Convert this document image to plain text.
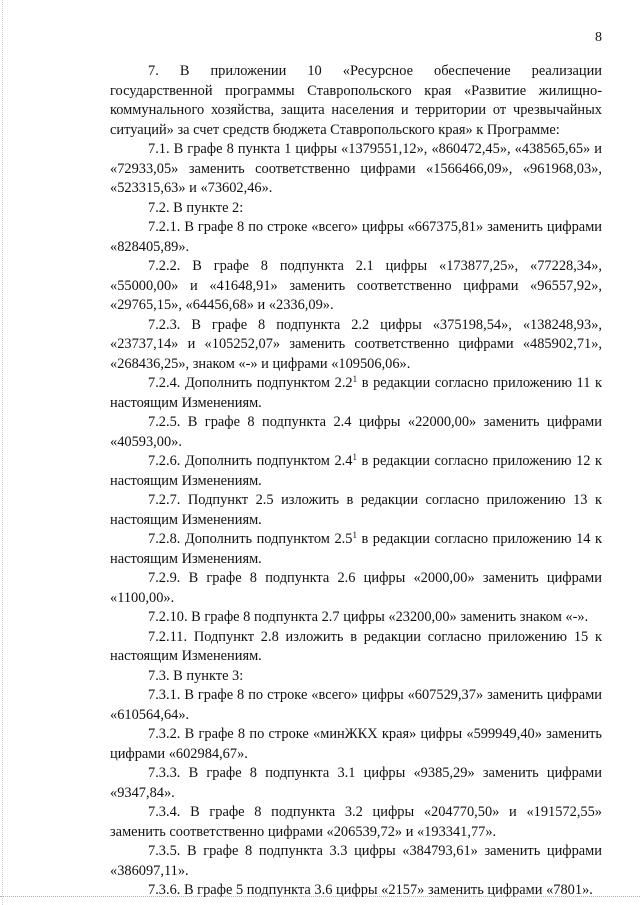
8

7. В приложении 10 «Ресурсное обеспечение реализации государственной программы Ставропольского края «Развитие жилищно-коммунального хозяйства, защита населения и территории от чрезвычайных ситуаций» за счет средств бюджета Ставропольского края» к Программе:

7.1. В графе 8 пункта 1 цифры «1379551,12», «860472,45», «438565,65» и «72933,05» заменить соответственно цифрами «1566466,09», «961968,03», «523315,63» и «73602,46».

7.2. В пункте 2:

7.2.1. В графе 8 по строке «всего» цифры «667375,81» заменить цифрами «828405,89».

7.2.2. В графе 8 подпункта 2.1 цифры «173877,25», «77228,34», «55000,00» и «41648,91» заменить соответственно цифрами «96557,92», «29765,15», «64456,68» и «2336,09».

7.2.3. В графе 8 подпункта 2.2 цифры «375198,54», «138248,93», «23737,14» и «105252,07» заменить соответственно цифрами «485902,71», «268436,25», знаком «-» и цифрами «109506,06».

7.2.4. Дополнить подпунктом $2.2^1$ в редакции согласно приложению 11 к настоящим Изменениям.

7.2.5. В графе 8 подпункта 2.4 цифры «22000,00» заменить цифрами «40593,00».

7.2.6. Дополнить подпунктом $2.4^1$ в редакции согласно приложению 12 к настоящим Изменениям.

7.2.7. Подпункт 2.5 изложить в редакции согласно приложению 13 к настоящим Изменениям.

7.2.8. Дополнить подпунктом $2.5^1$ в редакции согласно приложению 14 к настоящим Изменениям.

7.2.9. В графе 8 подпункта 2.6 цифры «2000,00» заменить цифрами «1100,00».

7.2.10. В графе 8 подпункта 2.7 цифры «23200,00» заменить знаком «-».

7.2.11. Подпункт 2.8 изложить в редакции согласно приложению 15 к настоящим Изменениям.

7.3. В пункте 3:

7.3.1. В графе 8 по строке «всего» цифры «607529,37» заменить цифрами «610564,64».

7.3.2. В графе 8 по строке «минЖКХ края» цифры «599949,40» заменить цифрами «602984,67».

7.3.3. В графе 8 подпункта 3.1 цифры «9385,29» заменить цифрами «9347,84».

7.3.4. В графе 8 подпункта 3.2 цифры «204770,50» и «191572,55» заменить соответственно цифрами «206539,72» и «193341,77».

7.3.5. В графе 8 подпункта 3.3 цифры «384793,61» заменить цифрами «386097,11».

7.3.6. В графе 5 подпункта 3.6 цифры «2157» заменить цифрами «7801».
